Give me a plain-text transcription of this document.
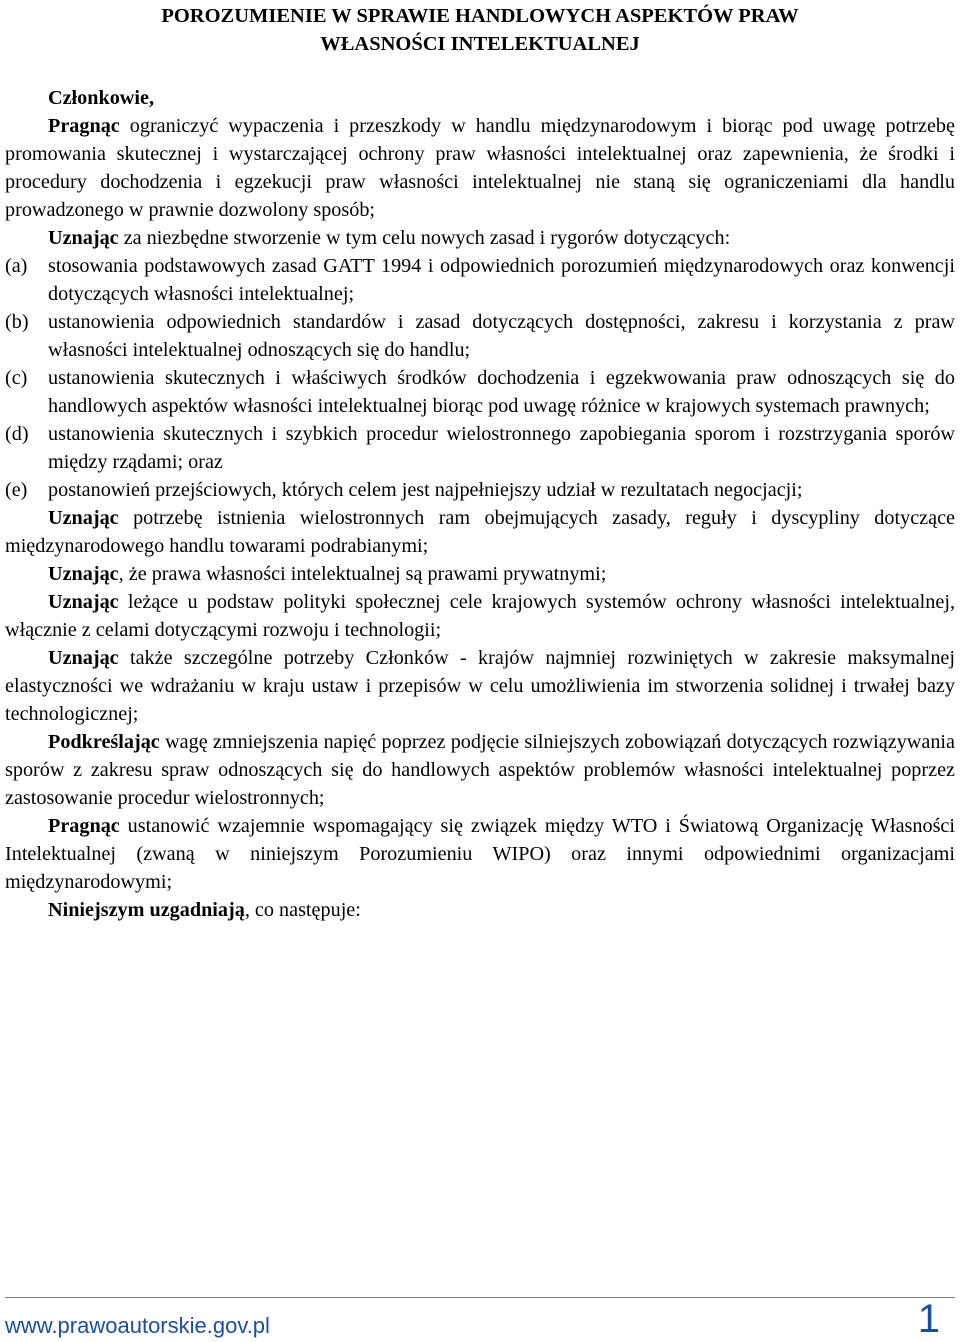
POROZUMIENIE W SPRAWIE HANDLOWYCH ASPEKTÓW PRAW
WŁASNOŚCI INTELEKTUALNEJ

Członkowie,

Pragnąc ograniczyć wypaczenia i przeszkody w handlu międzynarodowym i biorąc pod uwagę potrzebę promowania skutecznej i wystarczającej ochrony praw własności intelektualnej oraz zapewnienia, że środki i procedury dochodzenia i egzekucji praw własności intelektualnej nie staną się ograniczeniami dla handlu prowadzonego w prawnie dozwolony sposób;

Uznając za niezbędne stworzenie w tym celu nowych zasad i rygorów dotyczących:

(a) stosowania podstawowych zasad GATT 1994 i odpowiednich porozumień międzynarodowych oraz konwencji dotyczących własności intelektualnej;

(b) ustanowienia odpowiednich standardów i zasad dotyczących dostępności, zakresu i korzystania z praw własności intelektualnej odnoszących się do handlu;

(c) ustanowienia skutecznych i właściwych środków dochodzenia i egzekwowania praw odnoszących się do handlowych aspektów własności intelektualnej biorąc pod uwagę różnice w krajowych systemach prawnych;

(d) ustanowienia skutecznych i szybkich procedur wielostronnego zapobiegania sporom i rozstrzygania sporów między rządami; oraz

(e) postanowień przejściowych, których celem jest najpełniejszy udział w rezultatach negocjacji;

Uznając potrzebę istnienia wielostronnych ram obejmujących zasady, reguły i dyscypliny dotyczące międzynarodowego handlu towarami podrabianymi;

Uznając, że prawa własności intelektualnej są prawami prywatnymi;

Uznając leżące u podstaw polityki społecznej cele krajowych systemów ochrony własności intelektualnej, włącznie z celami dotyczącymi rozwoju i technologii;

Uznając także szczególne potrzeby Członków - krajów najmniej rozwiniętych w zakresie maksymalnej elastyczności we wdrażaniu w kraju ustaw i przepisów w celu umożliwienia im stworzenia solidnej i trwałej bazy technologicznej;

Podkreślając wagę zmniejszenia napięć poprzez podjęcie silniejszych zobowiązań dotyczących rozwiązywania sporów z zakresu spraw odnoszących się do handlowych aspektów problemów własności intelektualnej poprzez zastosowanie procedur wielostronnych;

Pragnąc ustanowić wzajemnie wspomagający się związek między WTO i Światową Organizację Własności Intelektualnej (zwaną w niniejszym Porozumieniu WIPO) oraz innymi odpowiednimi organizacjami międzynarodowymi;

Niniejszym uzgadniają, co następuje:

www.prawoautorskie.gov.pl	1
